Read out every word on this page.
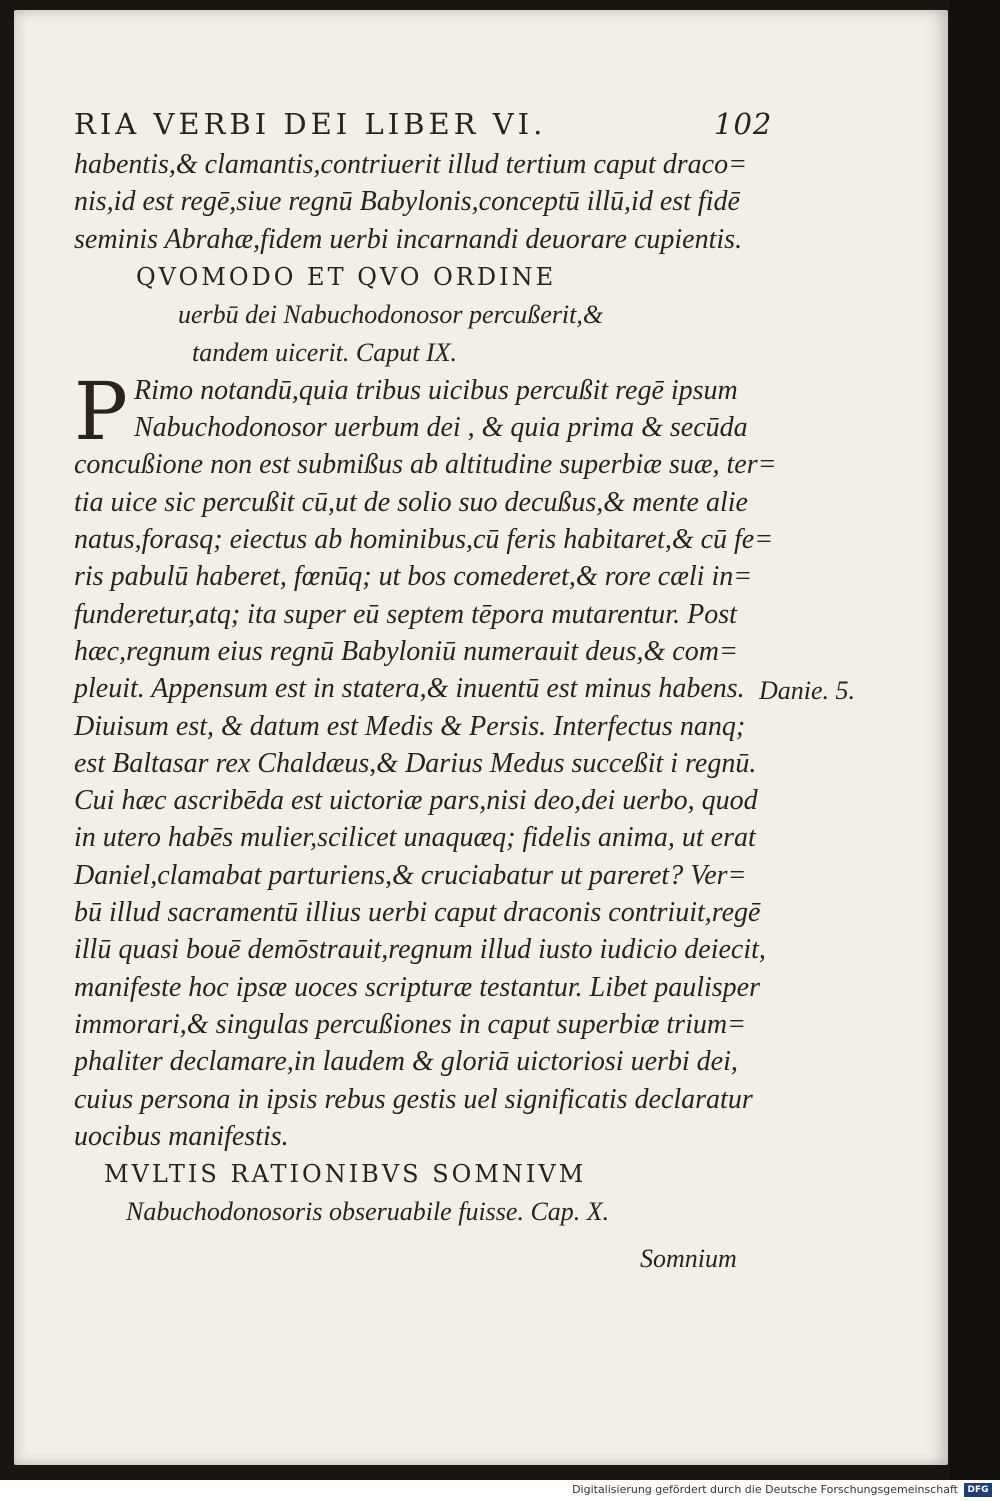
RIA VERBI DEI LIBER VI.	102
habentis,& clamantis,contriuerit illud tertium caput draco=
nis,id est regē,siue regnū Babylonis,conceptū illū,id est fidē
seminis Abrahæ,fidem uerbi incarnandi deuorare cupientis.
QVOMODO ET QVO ORDINE
uerbū dei Nabuchodonosor percußerit,&
tandem uicerit. Caput IX.
P Rimo notandū,quia tribus uicibus percußit regē ipsum
Nabuchodonosor uerbum dei , & quia prima & secūda
concußione non est submißus ab altitudine superbiæ suæ, ter=
tia uice sic percußit cū,ut de solio suo decußus,& mente alie
natus,forasq; eiectus ab hominibus,cū feris habitaret,& cū fe=
ris pabulū haberet, fœnūq; ut bos comederet,& rore cæli in=
funderetur,atq; ita super eū septem tēpora mutarentur. Post
hæc,regnum eius regnū Babyloniū numerauit deus,& com=
pleuit. Appensum est in statera,& inuentū est minus habens.
Diuisum est, & datum est Medis & Persis. Interfectus nanq;
est Baltasar rex Chaldæus,& Darius Medus succeßit i regnū.
Cui hæc ascribēda est uictoriæ pars,nisi deo,dei uerbo, quod
in utero habēs mulier,scilicet unaquæq; fidelis anima, ut erat
Daniel,clamabat parturiens,& cruciabatur ut pareret? Ver=
bū illud sacramentū illius uerbi caput draconis contriuit,regē
illū quasi bouē demōstrauit,regnum illud iusto iudicio deiecit,
manifeste hoc ipsæ uoces scripturæ testantur. Libet paulisper
immorari,& singulas percußiones in caput superbiæ trium=
phaliter declamare,in laudem & gloriā uictoriosi uerbi dei,
cuius persona in ipsis rebus gestis uel significatis declaratur
uocibus manifestis.
MVLTIS RATIONIBVS SOMNIVM
Nabuchodonosoris obseruabile fuisse. Cap. X.
Danie. 5.
Somnium
Digitalisierung gefördert durch die Deutsche Forschungsgemeinschaft	DFG
